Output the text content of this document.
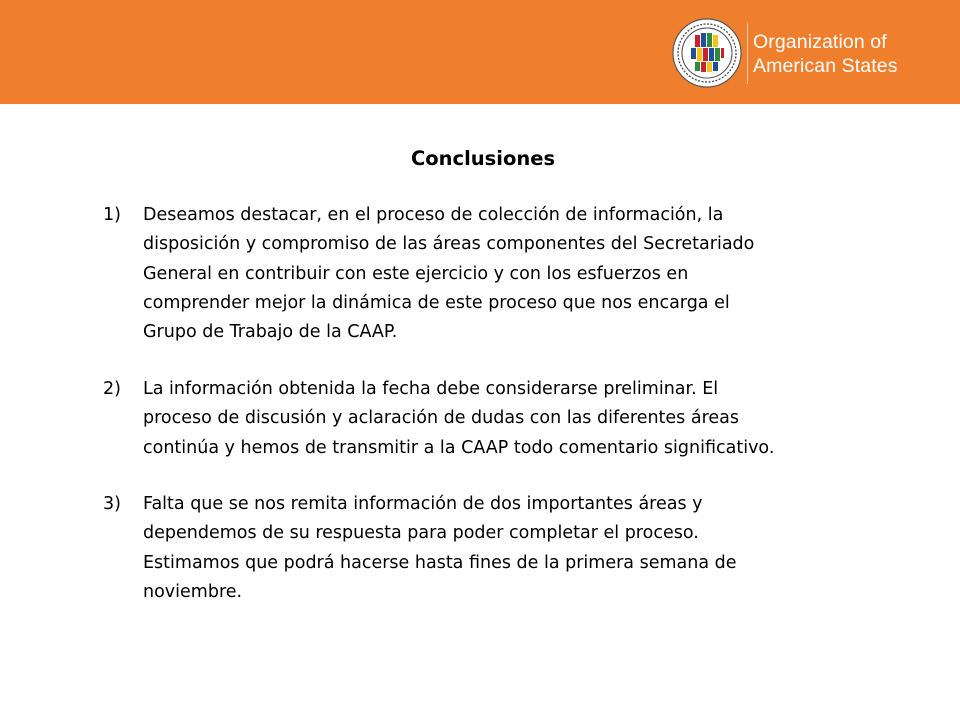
Organization of
American States
Conclusiones
1)	Deseamos destacar, en el proceso de colección de información, la
disposición y compromiso de las áreas componentes del Secretariado
General en contribuir con este ejercicio y con los esfuerzos en
comprender mejor la dinámica de este proceso que nos encarga el
Grupo de Trabajo de la CAAP.
2)	La información obtenida la fecha debe considerarse preliminar. El
proceso de discusión y aclaración de dudas con las diferentes áreas
continúa y hemos de transmitir a la CAAP todo comentario significativo.
3)	Falta que se nos remita información de dos importantes áreas y
dependemos de su respuesta para poder completar el proceso.
Estimamos que podrá hacerse hasta fines de la primera semana de
noviembre.
